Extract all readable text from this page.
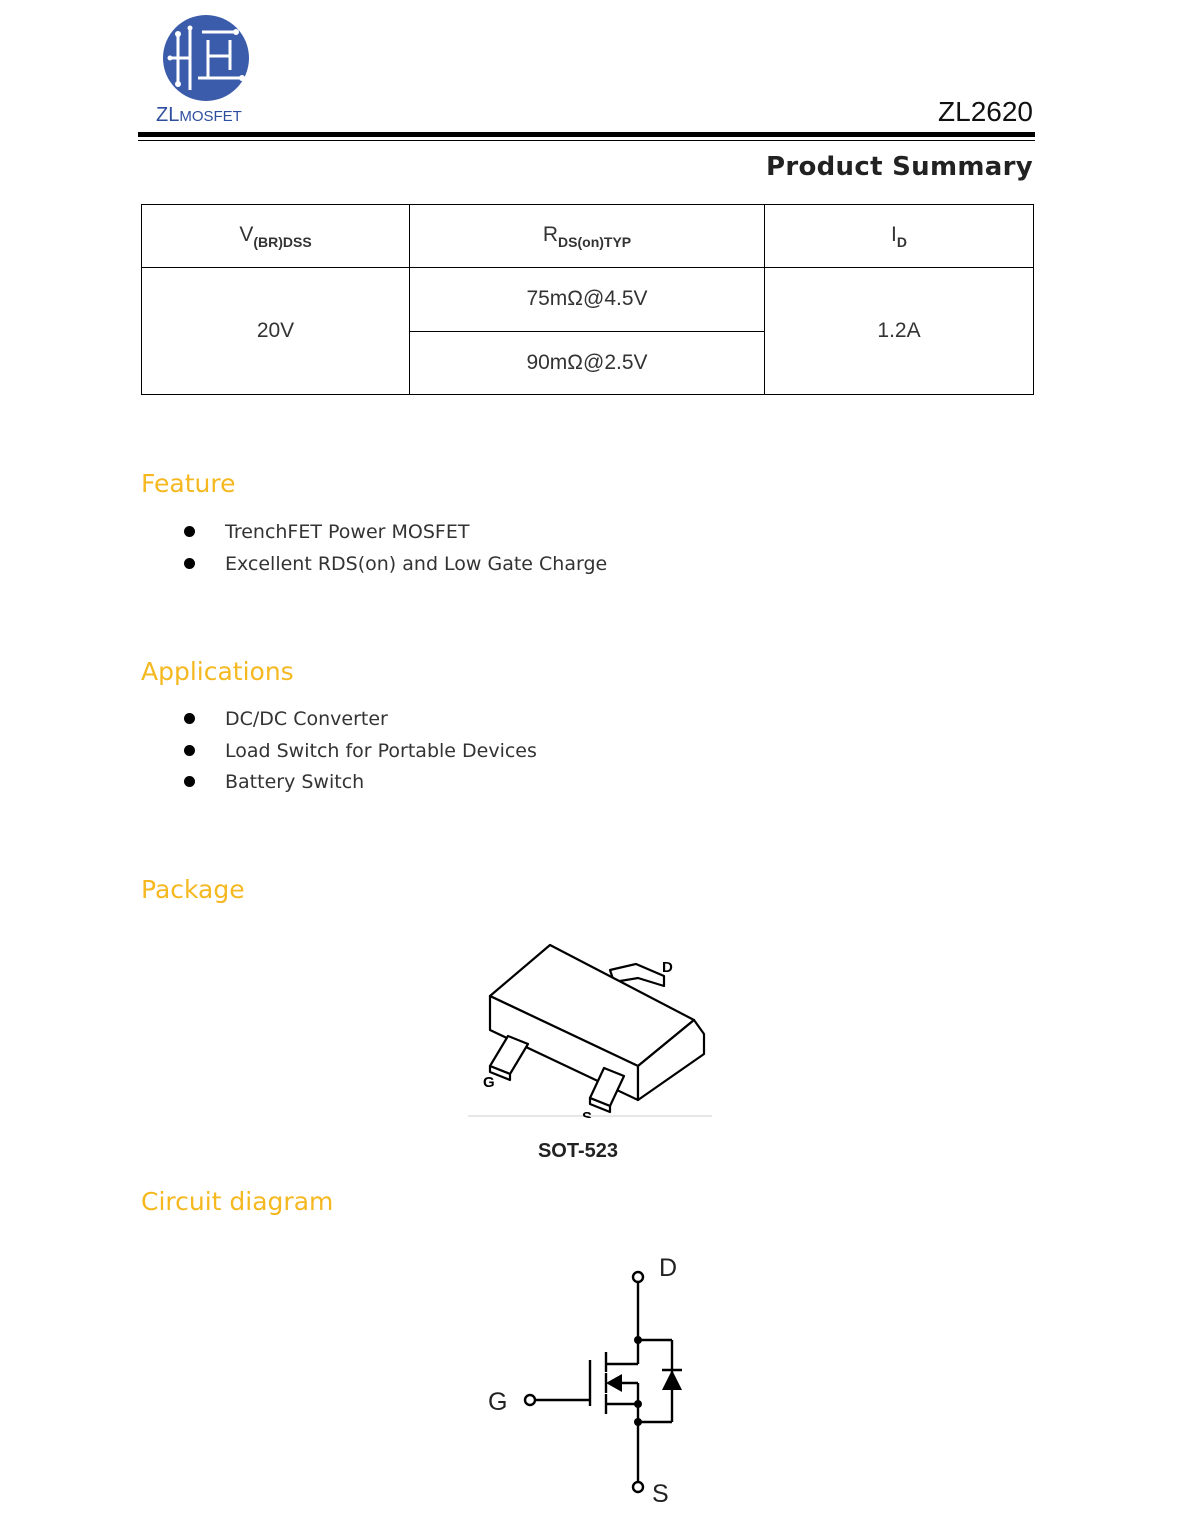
ZLMOSFET	ZL2620
Product Summary
$V_{(BR)DSS}$	$R_{DS(on)TYP}$	$I_D$
20V	75mΩ@4.5V	1.2A
	90mΩ@2.5V	
Feature
TrenchFET Power MOSFET
Excellent RDS(on) and Low Gate Charge
Applications
DC/DC Converter
Load Switch for Portable Devices
Battery Switch
Package
D
G
S
SOT-523
Circuit diagram
D
G
S
